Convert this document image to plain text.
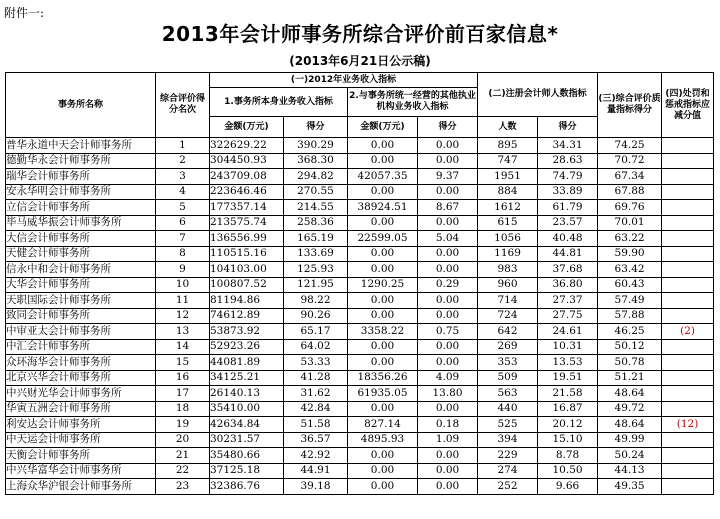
附件一:
2013年会计师事务所综合评价前百家信息*
(2013年6月21日公示稿)
事务所名称	综合评价得分名次	(一)2012年业务收入指标				(二)注册会计师人数指标		(三)综合评价质量指标得分	(四)处罚和惩戒指标应减分值
		1.事务所本身业务收入指标		2.与事务所统一经营的其他执业机构业务收入指标					
		金额(万元)	得分	金额(万元)	得分	人数	得分		
普华永道中天会计师事务所	1	322629.22	390.29	0.00	0.00	895	34.31	74.25	
德勤华永会计师事务所	2	304450.93	368.30	0.00	0.00	747	28.63	70.72	
瑞华会计师事务所	3	243709.08	294.82	42057.35	9.37	1951	74.79	67.34	
安永华明会计师事务所	4	223646.46	270.55	0.00	0.00	884	33.89	67.88	
立信会计师事务所	5	177357.14	214.55	38924.51	8.67	1612	61.79	69.76	
毕马威华振会计师事务所	6	213575.74	258.36	0.00	0.00	615	23.57	70.01	
大信会计师事务所	7	136556.99	165.19	22599.05	5.04	1056	40.48	63.22	
天健会计师事务所	8	110515.16	133.69	0.00	0.00	1169	44.81	59.90	
信永中和会计师事务所	9	104103.00	125.93	0.00	0.00	983	37.68	63.42	
大华会计师事务所	10	100807.52	121.95	1290.25	0.29	960	36.80	60.43	
天职国际会计师事务所	11	81194.86	98.22	0.00	0.00	714	27.37	57.49	
致同会计师事务所	12	74612.89	90.26	0.00	0.00	724	27.75	57.88	
中审亚太会计师事务所	13	53873.92	65.17	3358.22	0.75	642	24.61	46.25	(2)
中汇会计师事务所	14	52923.26	64.02	0.00	0.00	269	10.31	50.12	
众环海华会计师事务所	15	44081.89	53.33	0.00	0.00	353	13.53	50.78	
北京兴华会计师事务所	16	34125.21	41.28	18356.26	4.09	509	19.51	51.21	
中兴财光华会计师事务所	17	26140.13	31.62	61935.05	13.80	563	21.58	48.64	
华寅五洲会计师事务所	18	35410.00	42.84	0.00	0.00	440	16.87	49.72	
利安达会计师事务所	19	42634.84	51.58	827.14	0.18	525	20.12	48.64	(12)
中天运会计师事务所	20	30231.57	36.57	4895.93	1.09	394	15.10	49.99	
天衡会计师事务所	21	35480.66	42.92	0.00	0.00	229	8.78	50.24	
中兴华富华会计师事务所	22	37125.18	44.91	0.00	0.00	274	10.50	44.13	
上海众华沪银会计师事务所	23	32386.76	39.18	0.00	0.00	252	9.66	49.35	
